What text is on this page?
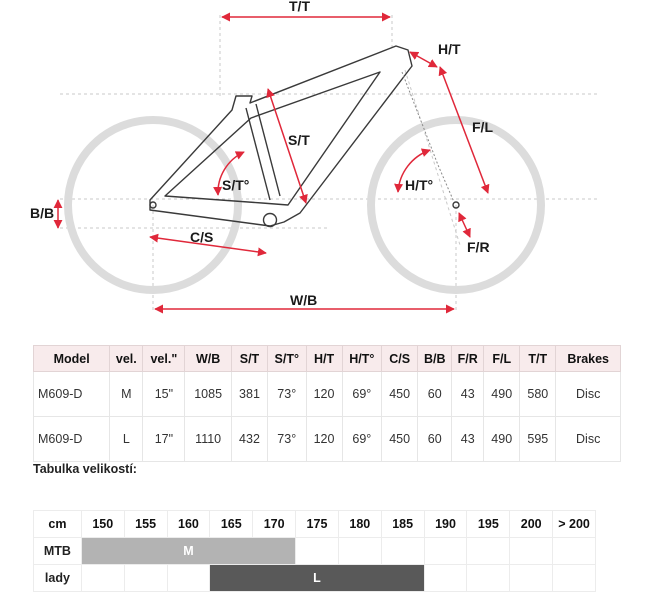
T/T
H/T
S/T
S/T°	H/T°
F/L
B/B
C/S
F/R
W/B
Model	vel.	vel."	W/B	S/T	S/T°	H/T	H/T°	C/S	B/B	F/R	F/L	T/T	Brakes
M609-D	M	15"	1085	381	73°	120	69°	450	60	43	490	580	Disc
M609-D	L	17"	1110	432	73°	120	69°	450	60	43	490	595	Disc
Tabulka velikostí:
cm	150	155	160	165	170	175	180	185	190	195	200	> 200
MTB	M											
lady				L								
